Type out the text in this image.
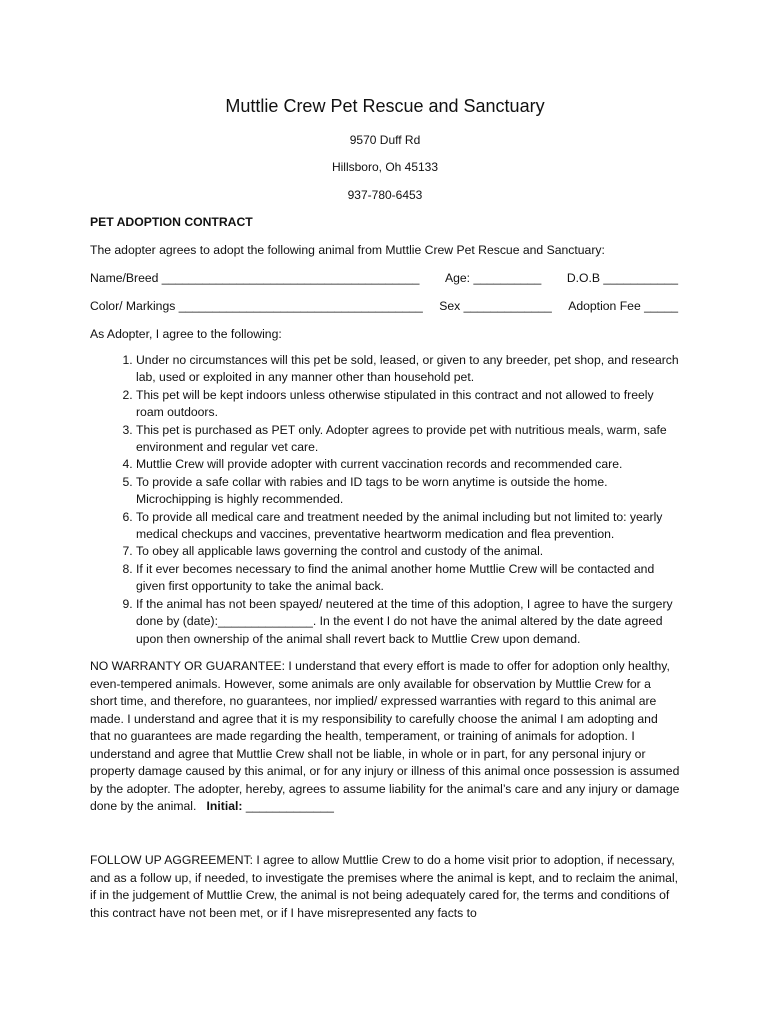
Muttlie Crew Pet Rescue and Sanctuary
9570 Duff Rd
Hillsboro, Oh 45133
937-780-6453
PET ADOPTION CONTRACT
The adopter agrees to adopt the following animal from Muttlie Crew Pet Rescue and Sanctuary:
Name/Breed ______________________________________ Age: __________ D.O.B ___________
Color/ Markings ____________________________________ Sex _____________ Adoption Fee _____
As Adopter, I agree to the following:
1. Under no circumstances will this pet be sold, leased, or given to any breeder, pet shop, and research lab, used or exploited in any manner other than household pet.
2. This pet will be kept indoors unless otherwise stipulated in this contract and not allowed to freely roam outdoors.
3. This pet is purchased as PET only. Adopter agrees to provide pet with nutritious meals, warm, safe environment and regular vet care.
4. Muttlie Crew will provide adopter with current vaccination records and recommended care.
5. To provide a safe collar with rabies and ID tags to be worn anytime is outside the home. Microchipping is highly recommended.
6. To provide all medical care and treatment needed by the animal including but not limited to: yearly medical checkups and vaccines, preventative heartworm medication and flea prevention.
7. To obey all applicable laws governing the control and custody of the animal.
8. If it ever becomes necessary to find the animal another home Muttlie Crew will be contacted and given first opportunity to take the animal back.
9. If the animal has not been spayed/ neutered at the time of this adoption, I agree to have the surgery done by (date):______________. In the event I do not have the animal altered by the date agreed upon then ownership of the animal shall revert back to Muttlie Crew upon demand.
NO WARRANTY OR GUARANTEE: I understand that every effort is made to offer for adoption only healthy, even-tempered animals. However, some animals are only available for observation by Muttlie Crew for a short time, and therefore, no guarantees, nor implied/ expressed warranties with regard to this animal are made. I understand and agree that it is my responsibility to carefully choose the animal I am adopting and that no guarantees are made regarding the health, temperament, or training of animals for adoption. I understand and agree that Muttlie Crew shall not be liable, in whole or in part, for any personal injury or property damage caused by this animal, or for any injury or illness of this animal once possession is assumed by the adopter. The adopter, hereby, agrees to assume liability for the animal’s care and any injury or damage done by the animal. Initial: _____________
FOLLOW UP AGGREEMENT: I agree to allow Muttlie Crew to do a home visit prior to adoption, if necessary, and as a follow up, if needed, to investigate the premises where the animal is kept, and to reclaim the animal, if in the judgement of Muttlie Crew, the animal is not being adequately cared for, the terms and conditions of this contract have not been met, or if I have misrepresented any facts to
